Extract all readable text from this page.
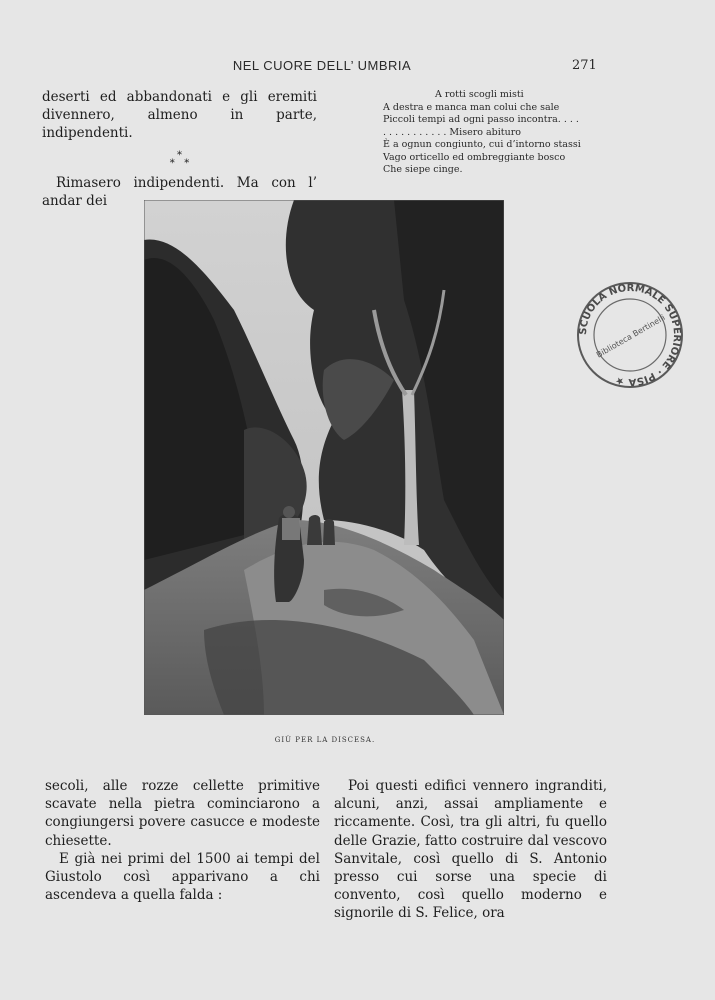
NEL CUORE DELL’ UMBRIA	271

deserti ed abbandonati e gli eremiti divennero, almeno in parte, indipendenti.

*
*   *

Rimasero indipendenti. Ma con l’ andar dei

A rotti scogli misti
A destra e manca man colui che sale
Piccoli tempi ad ogni passo incontra. . . .
. . . . . . . . . . . Misero abituro
È a ognun congiunto, cui d’intorno stassi
Vago orticello ed ombreggiante bosco
Che siepe cinge.
GIÙ PER LA DISCESA.
SCUOLA NORMALE SUPERIORE · PISA ★
Biblioteca Bertinelli

secoli, alle rozze cellette primitive scavate nella pietra cominciarono a congiungersi povere casucce e modeste chiesette.

E già nei primi del 1500 ai tempi del Giustolo così apparivano a chi ascendeva a quella falda :

Poi questi edifici vennero ingranditi, alcuni, anzi, assai ampliamente e riccamente. Così, tra gli altri, fu quello delle Grazie, fatto costruire dal vescovo Sanvitale, così quello di S. Antonio presso cui sorse una specie di convento, così quello moderno e signorile di S. Felice, ora
